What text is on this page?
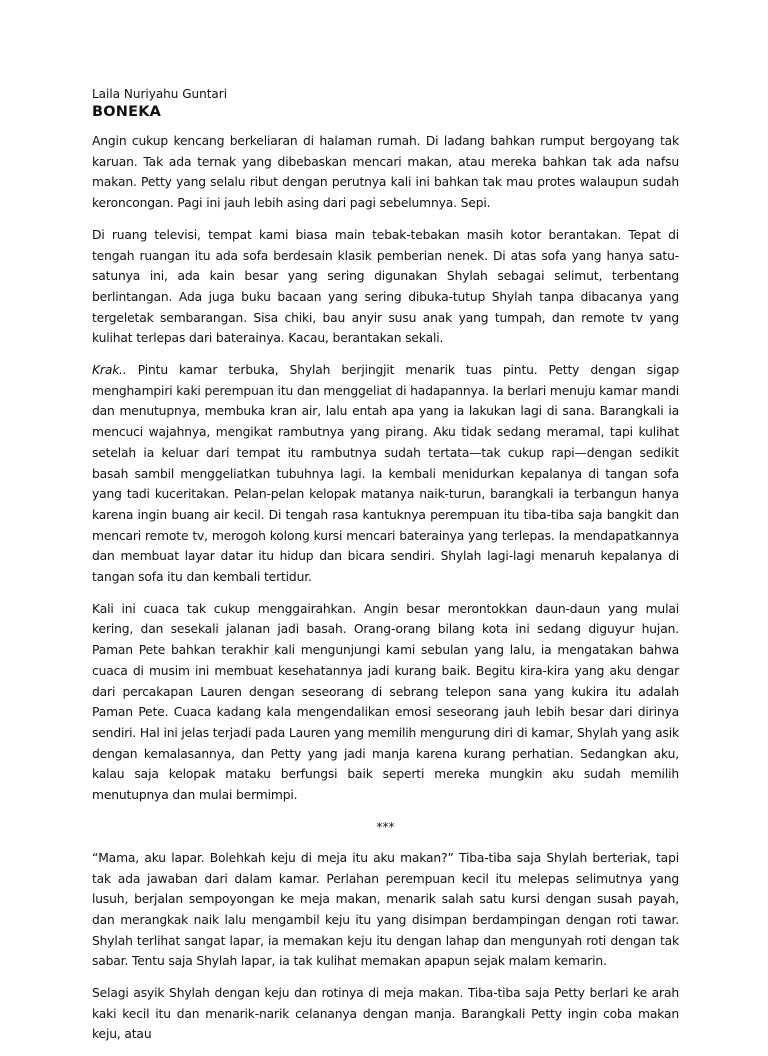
Laila Nuriyahu Guntari

BONEKA

Angin cukup kencang berkeliaran di halaman rumah. Di ladang bahkan rumput bergoyang tak karuan. Tak ada ternak yang dibebaskan mencari makan, atau mereka bahkan tak ada nafsu makan. Petty yang selalu ribut dengan perutnya kali ini bahkan tak mau protes walaupun sudah keroncongan. Pagi ini jauh lebih asing dari pagi sebelumnya. Sepi.

Di ruang televisi, tempat kami biasa main tebak-tebakan masih kotor berantakan. Tepat di tengah ruangan itu ada sofa berdesain klasik pemberian nenek. Di atas sofa yang hanya satu-satunya ini, ada kain besar yang sering digunakan Shylah sebagai selimut, terbentang berlintangan. Ada juga buku bacaan yang sering dibuka-tutup Shylah tanpa dibacanya yang tergeletak sembarangan. Sisa chiki, bau anyir susu anak yang tumpah, dan remote tv yang kulihat terlepas dari baterainya. Kacau, berantakan sekali.

Krak.. Pintu kamar terbuka, Shylah berjingjit menarik tuas pintu. Petty dengan sigap menghampiri kaki perempuan itu dan menggeliat di hadapannya. Ia berlari menuju kamar mandi dan menutupnya, membuka kran air, lalu entah apa yang ia lakukan lagi di sana. Barangkali ia mencuci wajahnya, mengikat rambutnya yang pirang. Aku tidak sedang meramal, tapi kulihat setelah ia keluar dari tempat itu rambutnya sudah tertata—tak cukup rapi—dengan sedikit basah sambil menggeliatkan tubuhnya lagi. Ia kembali menidurkan kepalanya di tangan sofa yang tadi kuceritakan. Pelan-pelan kelopak matanya naik-turun, barangkali ia terbangun hanya karena ingin buang air kecil. Di tengah rasa kantuknya perempuan itu tiba-tiba saja bangkit dan mencari remote tv, merogoh kolong kursi mencari baterainya yang terlepas. Ia mendapatkannya dan membuat layar datar itu hidup dan bicara sendiri. Shylah lagi-lagi menaruh kepalanya di tangan sofa itu dan kembali tertidur.

Kali ini cuaca tak cukup menggairahkan. Angin besar merontokkan daun-daun yang mulai kering, dan sesekali jalanan jadi basah. Orang-orang bilang kota ini sedang diguyur hujan. Paman Pete bahkan terakhir kali mengunjungi kami sebulan yang lalu, ia mengatakan bahwa cuaca di musim ini membuat kesehatannya jadi kurang baik. Begitu kira-kira yang aku dengar dari percakapan Lauren dengan seseorang di sebrang telepon sana yang kukira itu adalah Paman Pete. Cuaca kadang kala mengendalikan emosi seseorang jauh lebih besar dari dirinya sendiri. Hal ini jelas terjadi pada Lauren yang memilih mengurung diri di kamar, Shylah yang asik dengan kemalasannya, dan Petty yang jadi manja karena kurang perhatian. Sedangkan aku, kalau saja kelopak mataku berfungsi baik seperti mereka mungkin aku sudah memilih menutupnya dan mulai bermimpi.

***

“Mama, aku lapar. Bolehkah keju di meja itu aku makan?” Tiba-tiba saja Shylah berteriak, tapi tak ada jawaban dari dalam kamar. Perlahan perempuan kecil itu melepas selimutnya yang lusuh, berjalan sempoyongan ke meja makan, menarik salah satu kursi dengan susah payah, dan merangkak naik lalu mengambil keju itu yang disimpan berdampingan dengan roti tawar. Shylah terlihat sangat lapar, ia memakan keju itu dengan lahap dan mengunyah roti dengan tak sabar. Tentu saja Shylah lapar, ia tak kulihat memakan apapun sejak malam kemarin.

Selagi asyik Shylah dengan keju dan rotinya di meja makan. Tiba-tiba saja Petty berlari ke arah kaki kecil itu dan menarik-narik celananya dengan manja. Barangkali Petty ingin coba makan keju, atau
